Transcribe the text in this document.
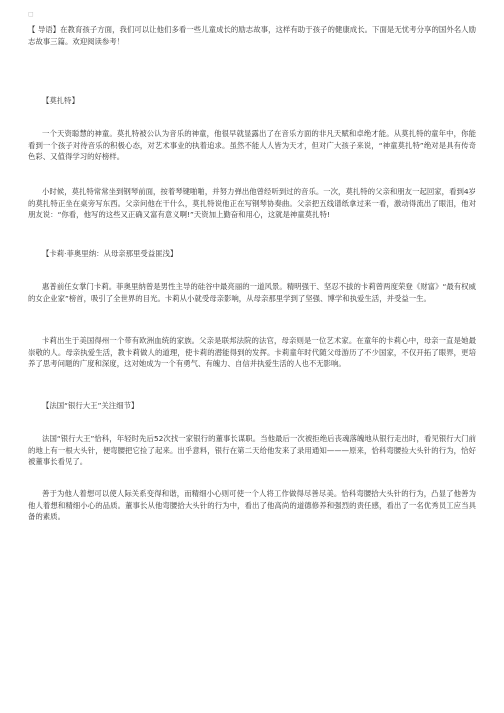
◻

【 导语】在教育孩子方面，我们可以让他们多看一些儿童成长的励志故事，这样有助于孩子的健康成长。下面是无忧考分享的国外名人励志故事三篇。欢迎阅读参考！

【莫扎特】

一个天资聪慧的神童。莫扎特被公认为音乐的神童，他很早就显露出了在音乐方面的非凡天赋和卓绝才能。从莫扎特的童年中，你能看到一个孩子对待音乐的积极心态，对艺术事业的执着追求。虽然不能人人皆为天才，但对广大孩子来说，“神童莫扎特”绝对是具有传奇色彩、又值得学习的好榜样。

小时候，莫扎特常常坐到钢琴前面，按着琴键啪啪，并努力弹出他曾经听到过的音乐。一次，莫扎特的父亲和朋友一起回家，看到4岁的莫扎特正坐在桌旁写东西。父亲问他在干什么，莫扎特说他正在写钢琴协奏曲。父亲把五线谱纸拿过来一看，激动得流出了眼泪，他对朋友说：“你看，他写的这些又正确又富有意义啊!”天资加上勤奋和用心，这就是神童莫扎特!

【卡莉·菲奥里纳：从母亲那里受益匪浅】

惠普前任女掌门卡莉。菲奥里纳曾是男性主导的硅谷中最亮丽的一道风景。精明强干、坚忍不拔的卡莉曾两度荣登《财富》“最有权威的女企业家”榜首，吸引了全世界的目光。卡莉从小就受母亲影响，从母亲那里学到了坚强、博学和执爱生活，并受益一生。

卡莉出生于美国得州一个带有欧洲血统的家族。父亲是联邦法院的法官，母亲则是一位艺术家。在童年的卡莉心中，母亲一直是她最崇敬的人。母亲执爱生活，教卡莉做人的道理，使卡莉的潜能得到的发挥。卡莉童年时代随父母游历了不少国家，不仅开拓了眼界，更培养了思考问题的广度和深度，这对她成为一个有勇气、有魄力、自信并执爱生活的人也不无影响。

【法国“银行大王”关注细节】

法国“银行大王”恰科，年轻时先后52次找一家银行的董事长谋职。当他最后一次被拒绝后丧魂落魄地从银行走出时，看见银行大门前的地上有一根大头针，便弯腰把它捡了起来。出乎意料，银行在第二天给他发来了录用通知———原来，恰科弯腰捡大头针的行为，恰好被董事长看见了。

善于为他人着想可以使人际关系变得和谐，而精细小心则可使一个人将工作做得尽善尽美。恰科弯腰拾大头针的行为，凸显了他善为他人着想和精细小心的品质。董事长从他弯腰拾大头针的行为中，看出了他高尚的道德修养和强烈的责任感，看出了一名优秀员工应当具备的素质。
